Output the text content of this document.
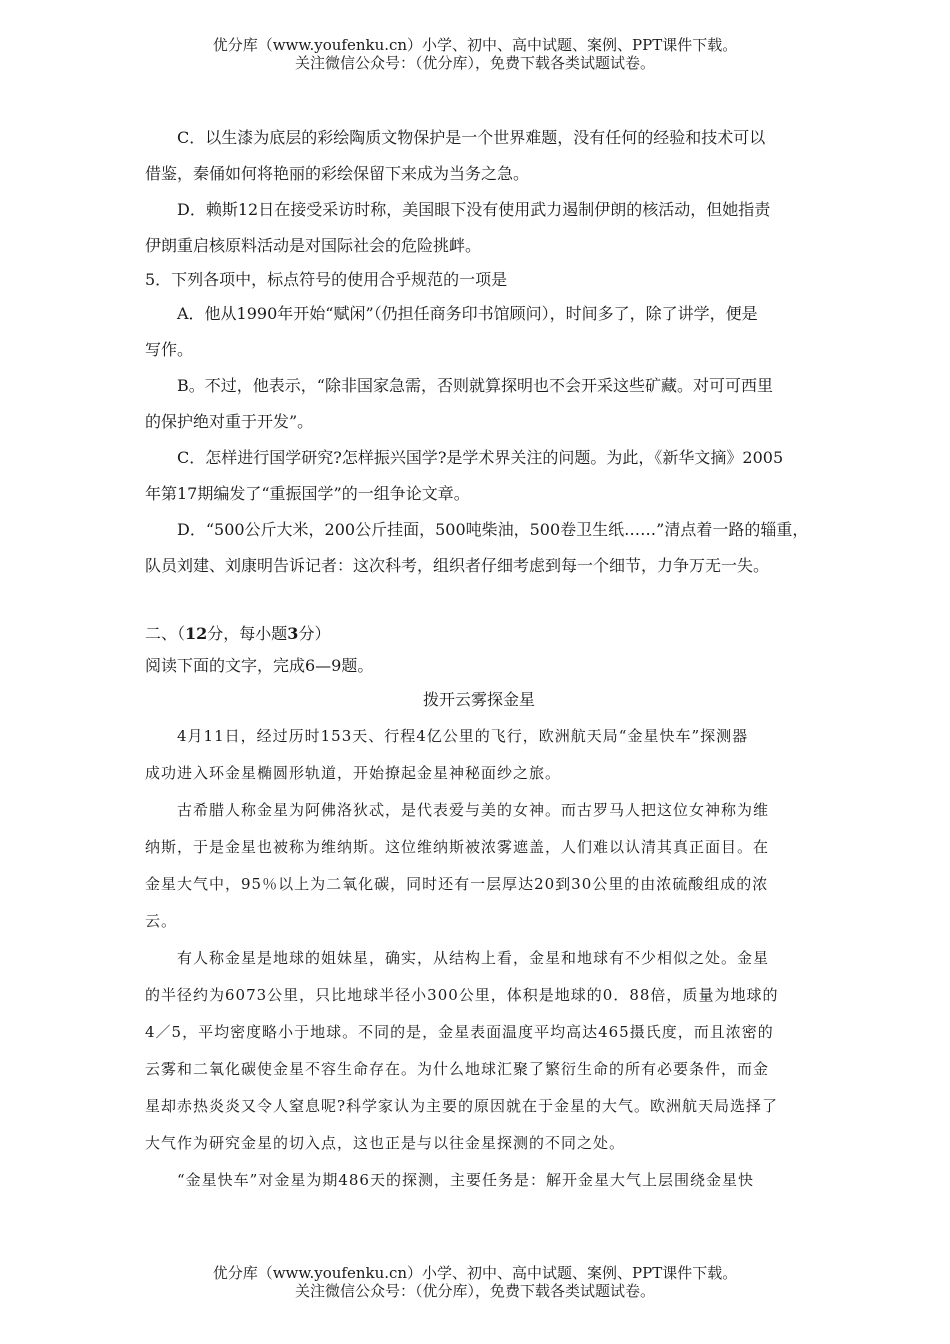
优分库（www.youfenku.cn）小学、初中、高中试题、案例、PPT课件下载。
关注微信公众号：（优分库），免费下载各类试题试卷。

C．以生漆为底层的彩绘陶质文物保护是一个世界难题，没有任何的经验和技术可以

借鉴，秦俑如何将艳丽的彩绘保留下来成为当务之急。

D．赖斯12日在接受采访时称，美国眼下没有使用武力遏制伊朗的核活动，但她指责

伊朗重启核原料活动是对国际社会的危险挑衅。

5．下列各项中，标点符号的使用合乎规范的一项是

A．他从1990年开始“赋闲”（仍担任商务印书馆顾问），时间多了，除了讲学，便是

写作。

B。不过，他表示，“除非国家急需，否则就算探明也不会开采这些矿藏。对可可西里

的保护绝对重于开发”。

C．怎样进行国学研究?怎样振兴国学?是学术界关注的问题。为此，《新华文摘》2005

年第17期编发了“重振国学”的一组争论文章。

D．“500公斤大米，200公斤挂面，500吨柴油，500卷卫生纸……”清点着一路的辎重，

队员刘建、刘康明告诉记者：这次科考，组织者仔细考虑到每一个细节，力争万无一失。

二、（12分，每小题3分）

阅读下面的文字，完成6—9题。

拨开云雾探金星

4月11日，经过历时153天、行程4亿公里的飞行，欧洲航天局“金星快车”探测器

成功进入环金星椭圆形轨道，开始撩起金星神秘面纱之旅。

古希腊人称金星为阿佛洛狄忒，是代表爱与美的女神。而古罗马人把这位女神称为维

纳斯，于是金星也被称为维纳斯。这位维纳斯被浓雾遮盖，人们难以认清其真正面目。在

金星大气中，95％以上为二氧化碳，同时还有一层厚达20到30公里的由浓硫酸组成的浓

云。

有人称金星是地球的姐妹星，确实，从结构上看，金星和地球有不少相似之处。金星

的半径约为6073公里，只比地球半径小300公里，体积是地球的0．88倍，质量为地球的

4／5，平均密度略小于地球。不同的是，金星表面温度平均高达465摄氏度，而且浓密的

云雾和二氧化碳使金星不容生命存在。为什么地球汇聚了繁衍生命的所有必要条件，而金

星却赤热炎炎又令人窒息呢?科学家认为主要的原因就在于金星的大气。欧洲航天局选择了

大气作为研究金星的切入点，这也正是与以往金星探测的不同之处。

“金星快车”对金星为期486天的探测，主要任务是：解开金星大气上层围绕金星快

优分库（www.youfenku.cn）小学、初中、高中试题、案例、PPT课件下载。
关注微信公众号：（优分库），免费下载各类试题试卷。
